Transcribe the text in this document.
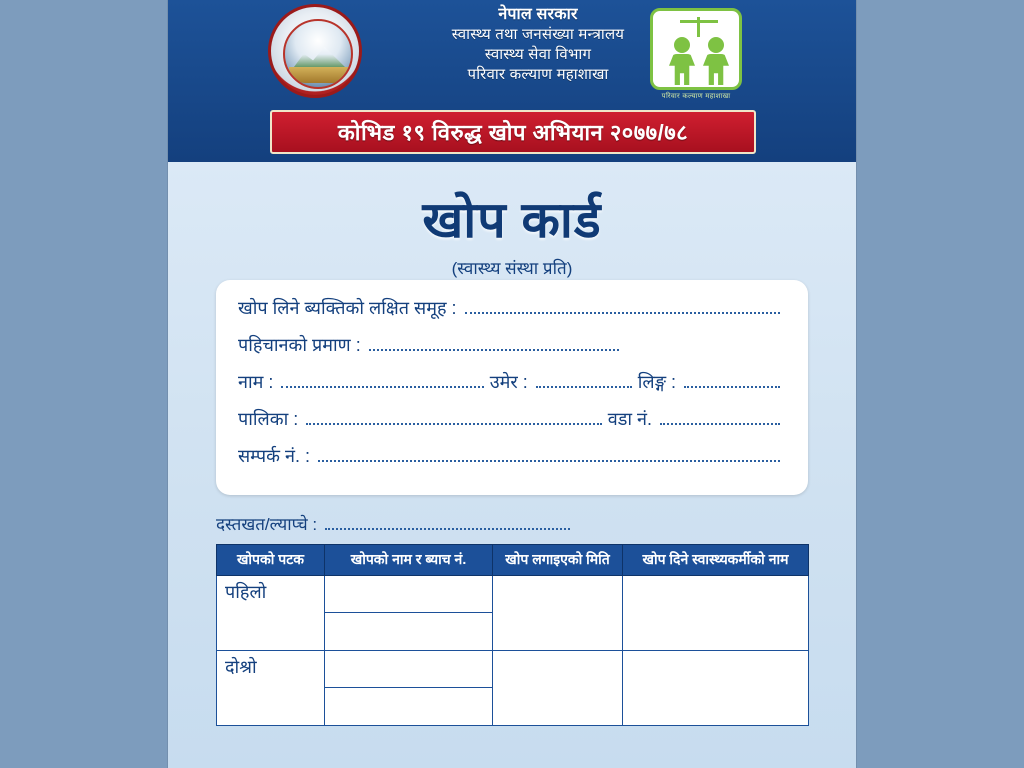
नेपाल सरकार
स्वास्थ्य तथा जनसंख्या मन्त्रालय
स्वास्थ्य सेवा विभाग
परिवार कल्याण महाशाखा
परिवार कल्याण महाशाखा
कोभिड १९ विरुद्ध खोप अभियान २०७७/७८
खोप कार्ड
(स्वास्थ्य संस्था प्रति)
खोप लिने ब्यक्तिको लक्षित समूह :
पहिचानको प्रमाण :
नाम :	उमेर :	लिङ्ग :
पालिका :	वडा नं.
सम्पर्क नं. :
दस्तखत/ल्याप्चे :
खोपको पटक	खोपको नाम र ब्याच नं.	खोप लगाइएको मिति	खोप दिने स्वास्थ्यकर्मीको नाम
पहिलो	

दोश्रो	
